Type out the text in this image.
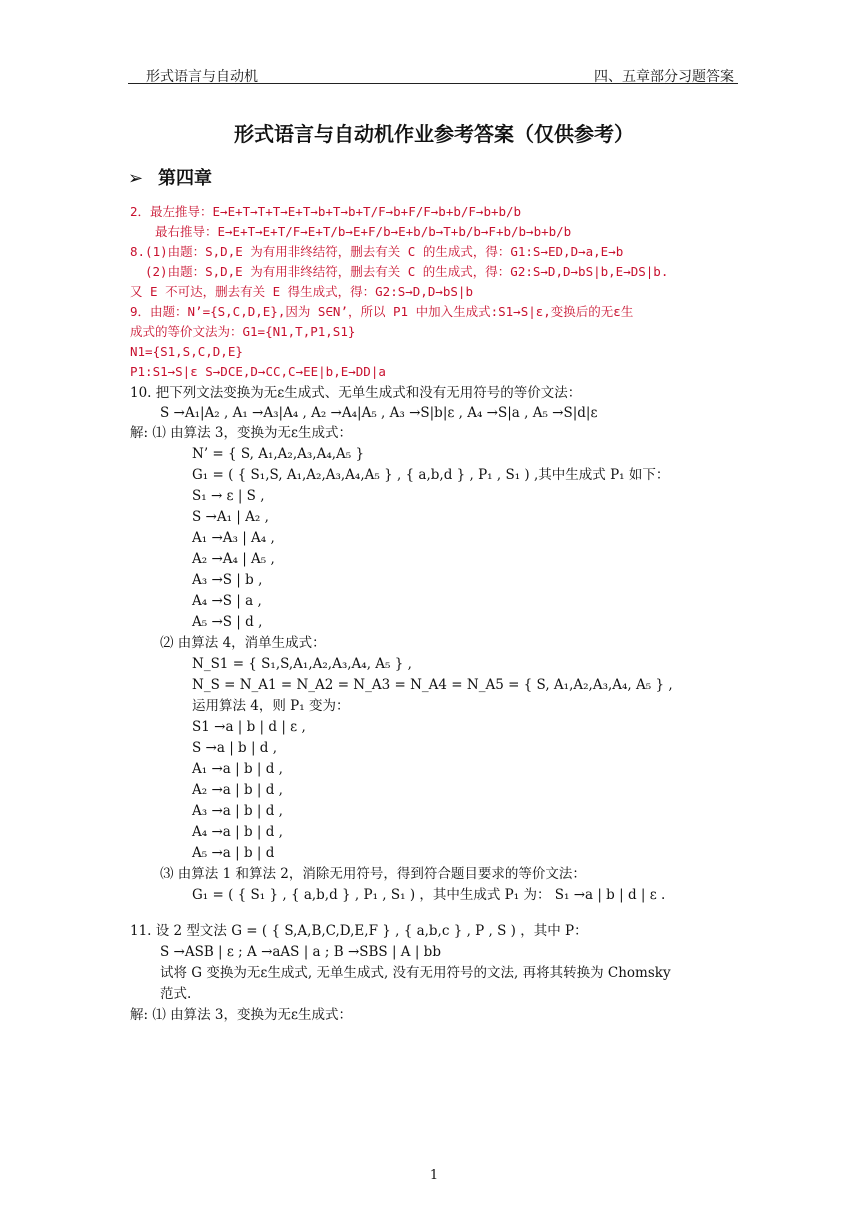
形式语言与自动机	四、五章部分习题答案
形式语言与自动机作业参考答案（仅供参考）
➢ 第四章
2．最左推导：E→E+T→T+T→E+T→b+T→b+T/F→b+F/F→b+b/F→b+b/b
最右推导：E→E+T→E+T/F→E+T/b→E+F/b→E+b/b→T+b/b→F+b/b→b+b/b
8.(1)由题：S,D,E 为有用非终结符，删去有关 C 的生成式，得：G1:S→ED,D→a,E→b
(2)由题：S,D,E 为有用非终结符，删去有关 C 的生成式，得：G2:S→D,D→bS|b,E→DS|b.
又 E 不可达，删去有关 E 得生成式，得：G2:S→D,D→bS|b
9．由题：N’={S,C,D,E},因为 S∈N’，所以 P1 中加入生成式:S1→S|ε,变换后的无ε生
成式的等价文法为：G1={N1,T,P1,S1}
N1={S1,S,C,D,E}
P1:S1→S|ε S→DCE,D→CC,C→EE|b,E→DD|a
10. 把下列文法变换为无ε生成式、无单生成式和没有无用符号的等价文法：
S →A₁|A₂ , A₁ →A₃|A₄ , A₂ →A₄|A₅ , A₃ →S|b|ε , A₄ →S|a , A₅ →S|d|ε
解: ⑴ 由算法 3，变换为无ε生成式：
N’ = { S, A₁,A₂,A₃,A₄,A₅ }
G₁ = ( { S₁,S, A₁,A₂,A₃,A₄,A₅ } , { a,b,d } , P₁ , S₁ ) ,其中生成式 P₁ 如下：
S₁ → ε | S ,
S →A₁ | A₂ ,
A₁ →A₃ | A₄ ,
A₂ →A₄ | A₅ ,
A₃ →S | b ,
A₄ →S | a ,
A₅ →S | d ,
⑵ 由算法 4，消单生成式：
N_S1 = { S₁,S,A₁,A₂,A₃,A₄, A₅ } ,
N_S = N_A1 = N_A2 = N_A3 = N_A4 = N_A5 = { S, A₁,A₂,A₃,A₄, A₅ } ,
运用算法 4，则 P₁ 变为：
S1 →a | b | d | ε ,
S →a | b | d ,
A₁ →a | b | d ,
A₂ →a | b | d ,
A₃ →a | b | d ,
A₄ →a | b | d ,
A₅ →a | b | d
⑶ 由算法 1 和算法 2，消除无用符号，得到符合题目要求的等价文法：
G₁ = ( { S₁ } , { a,b,d } , P₁ , S₁ ) ，其中生成式 P₁ 为： S₁ →a | b | d | ε .
11. 设 2 型文法 G = ( { S,A,B,C,D,E,F } , { a,b,c } , P , S ) ，其中 P：
S →ASB | ε ; A →aAS | a ; B →SBS | A | bb
试将 G 变换为无ε生成式, 无单生成式, 没有无用符号的文法, 再将其转换为 Chomsky
范式.
解: ⑴ 由算法 3，变换为无ε生成式：
1
